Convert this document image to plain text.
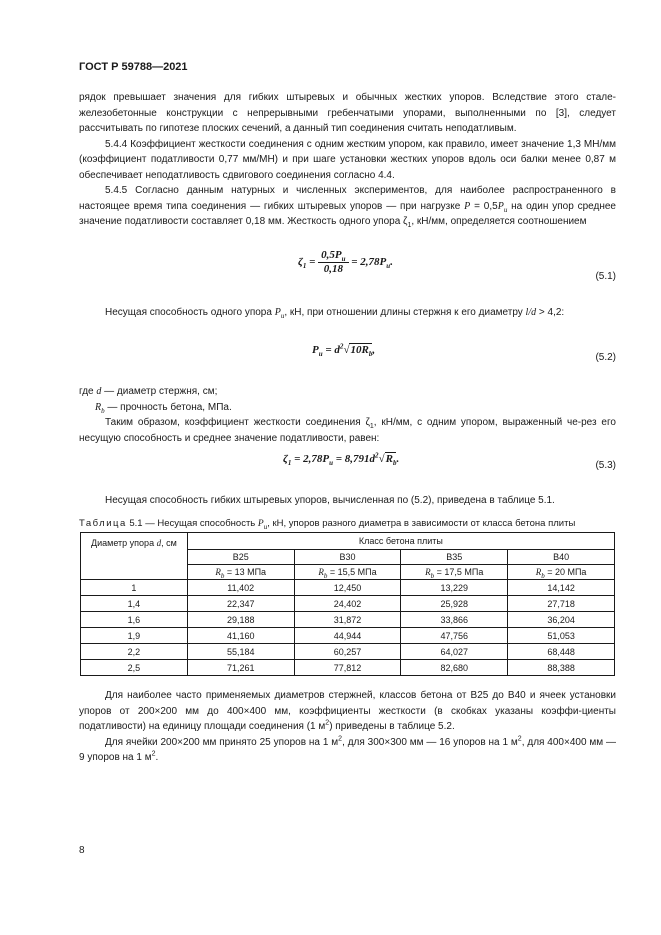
ГОСТ Р 59788—2021

рядок превышает значения для гибких штыревых и обычных жестких упоров. Вследствие этого стале-железобетонные конструкции с непрерывными гребенчатыми упорами, выполненными по [3], следует рассчитывать по гипотезе плоских сечений, а данный тип соединения считать неподатливым.

5.4.4 Коэффициент жесткости соединения с одним жестким упором, как правило, имеет значение 1,3 МН/мм (коэффициент податливости 0,77 мм/МН) и при шаге установки жестких упоров вдоль оси балки менее 0,87 м обеспечивает неподатливость сдвигового соединения согласно 4.4.

5.4.5 Согласно данным натурных и численных экспериментов, для наиболее распространенного в настоящее время типа соединения — гибких штыревых упоров — при нагрузке $P = 0,5P_u$ на один упор среднее значение податливости составляет 0,18 мм. Жесткость одного упора $\zeta_1$, кН/мм, определяется соотношением

$\zeta_1 = \frac{0,5P_u}{0,18} = 2,78P_u$.
(5.1)

Несущая способность одного упора $P_u$, кН, при отношении длины стержня к его диаметру l/d > 4,2:

$P_u = d^2√10R_b$,
(5.2)

где d — диаметр стержня, см;

$R_b$ — прочность бетона, МПа.

Таким образом, коэффициент жесткости соединения $\zeta_1$, кН/мм, с одним упором, выраженный че-рез его несущую способность и среднее значение податливости, равен:

$\zeta_1 = 2,78P_u = 8,791d^2√R_b$.
(5.3)

Несущая способность гибких штыревых упоров, вычисленная по (5.2), приведена в таблице 5.1.

Таблица 5.1 — Несущая способность $P_u$, кН, упоров разного диаметра в зависимости от класса бетона плиты
Диаметр упора d, см	Класс бетона плиты			
	B25	B30	B35	B40
	$R_b = 13$ МПа	$R_b = 15,5$ МПа	$R_b = 17,5$ МПа	$R_b = 20$ МПа
1	11,402	12,450	13,229	14,142
1,4	22,347	24,402	25,928	27,718
1,6	29,188	31,872	33,866	36,204
1,9	41,160	44,944	47,756	51,053
2,2	55,184	60,257	64,027	68,448
2,5	71,261	77,812	82,680	88,388

Для наиболее часто применяемых диаметров стержней, классов бетона от В25 до В40 и ячеек установки упоров от 200×200 мм до 400×400 мм, коэффициенты жесткости (в скобках указаны коэффи-циенты податливости) на единицу площади соединения (1 $м^2$) приведены в таблице 5.2.

Для ячейки 200×200 мм принято 25 упоров на 1 $м^2$, для 300×300 мм — 16 упоров на 1 $м^2$, для 400×400 мм — 9 упоров на 1 $м^2$.

8
